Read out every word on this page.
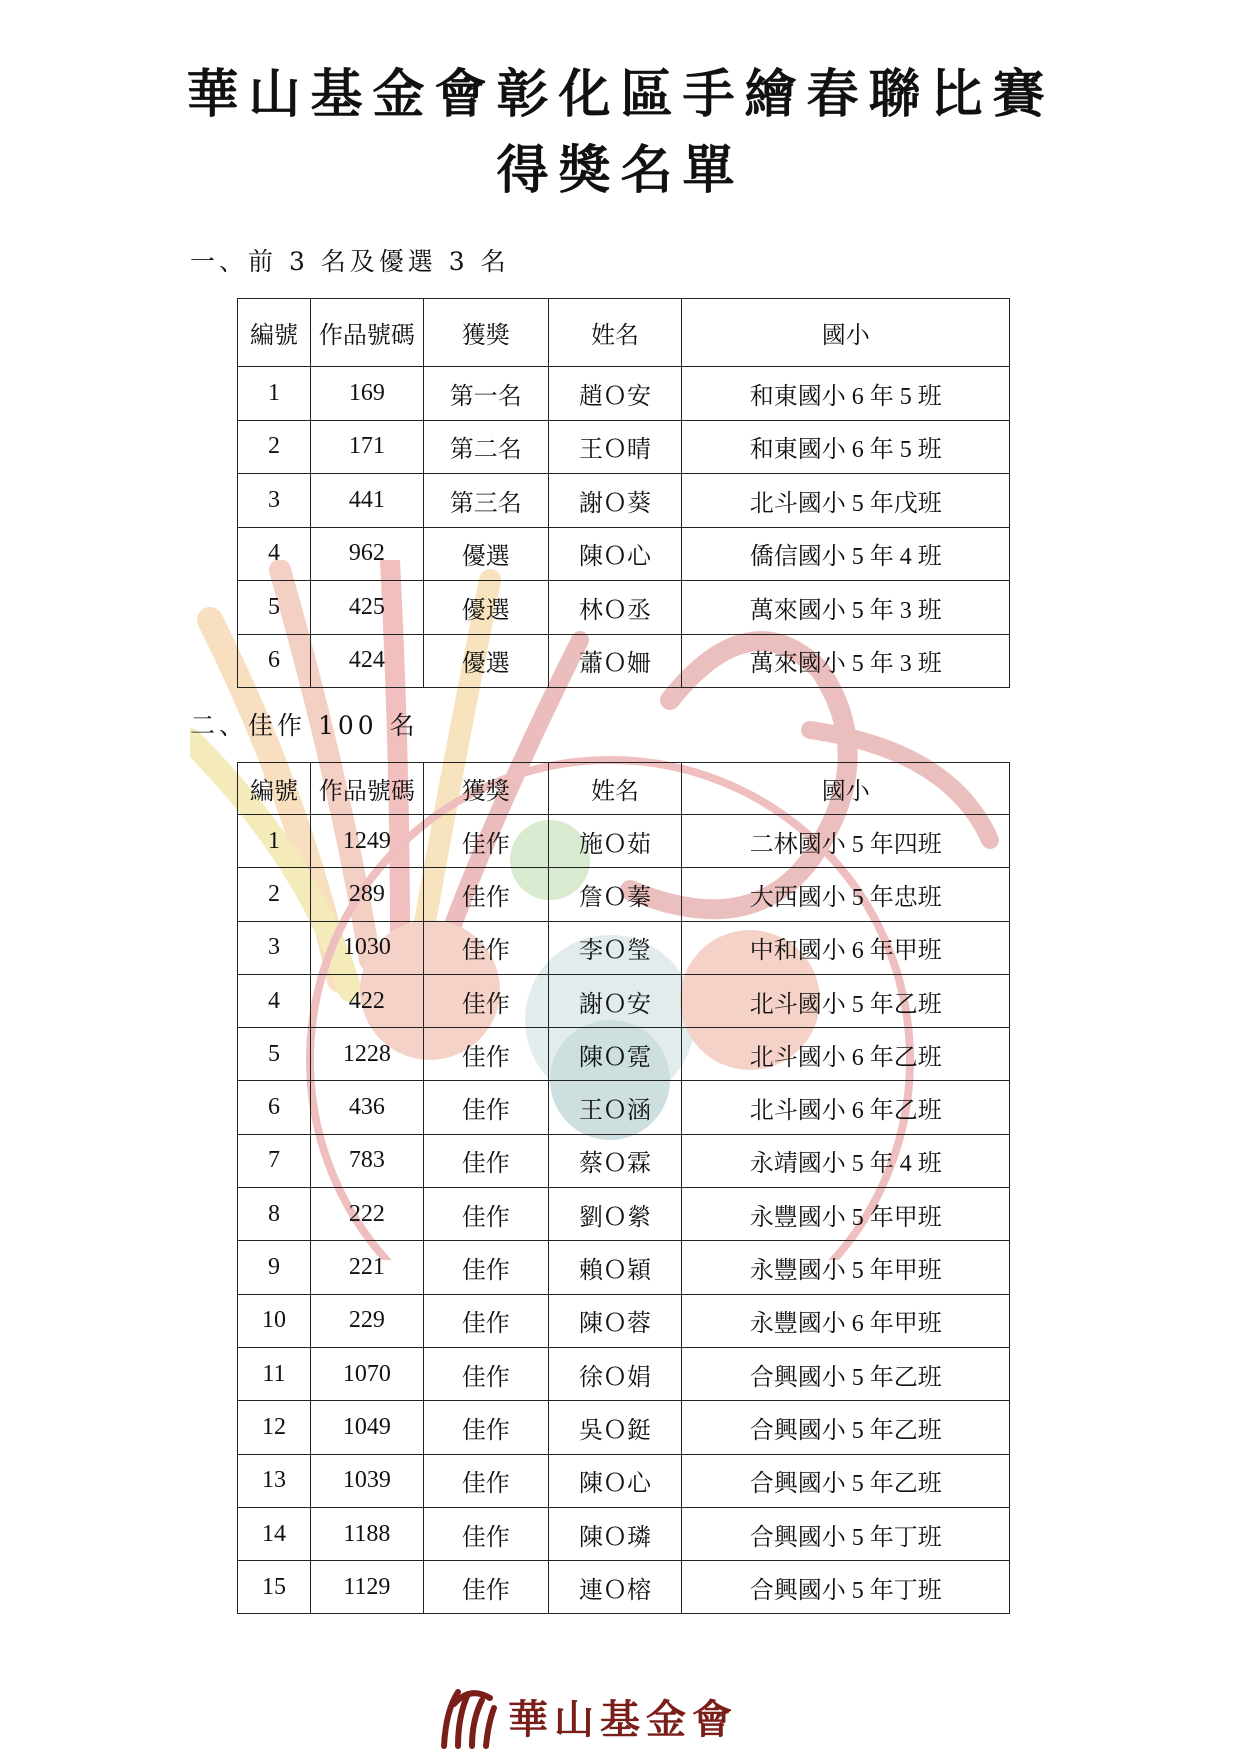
華山基金會彰化區手繪春聯比賽
得獎名單
一、前 3 名及優選 3 名
編號	作品號碼	獲獎	姓名	國小
1	169	第一名	趙Ｏ安	和東國小 6 年 5 班
2	171	第二名	王Ｏ晴	和東國小 6 年 5 班
3	441	第三名	謝Ｏ葵	北斗國小 5 年戊班
4	962	優選	陳Ｏ心	僑信國小 5 年 4 班
5	425	優選	林Ｏ丞	萬來國小 5 年 3 班
6	424	優選	蕭Ｏ姍	萬來國小 5 年 3 班
二、佳作 100 名
編號	作品號碼	獲獎	姓名	國小
1	1249	佳作	施Ｏ茹	二林國小 5 年四班
2	289	佳作	詹Ｏ蓁	大西國小 5 年忠班
3	1030	佳作	李Ｏ瑩	中和國小 6 年甲班
4	422	佳作	謝Ｏ安	北斗國小 5 年乙班
5	1228	佳作	陳Ｏ霓	北斗國小 6 年乙班
6	436	佳作	王Ｏ涵	北斗國小 6 年乙班
7	783	佳作	蔡Ｏ霖	永靖國小 5 年 4 班
8	222	佳作	劉Ｏ縈	永豐國小 5 年甲班
9	221	佳作	賴Ｏ穎	永豐國小 5 年甲班
10	229	佳作	陳Ｏ蓉	永豐國小 6 年甲班
11	1070	佳作	徐Ｏ娟	合興國小 5 年乙班
12	1049	佳作	吳Ｏ鋌	合興國小 5 年乙班
13	1039	佳作	陳Ｏ心	合興國小 5 年乙班
14	1188	佳作	陳Ｏ璘	合興國小 5 年丁班
15	1129	佳作	連Ｏ榕	合興國小 5 年丁班
華山基金會
